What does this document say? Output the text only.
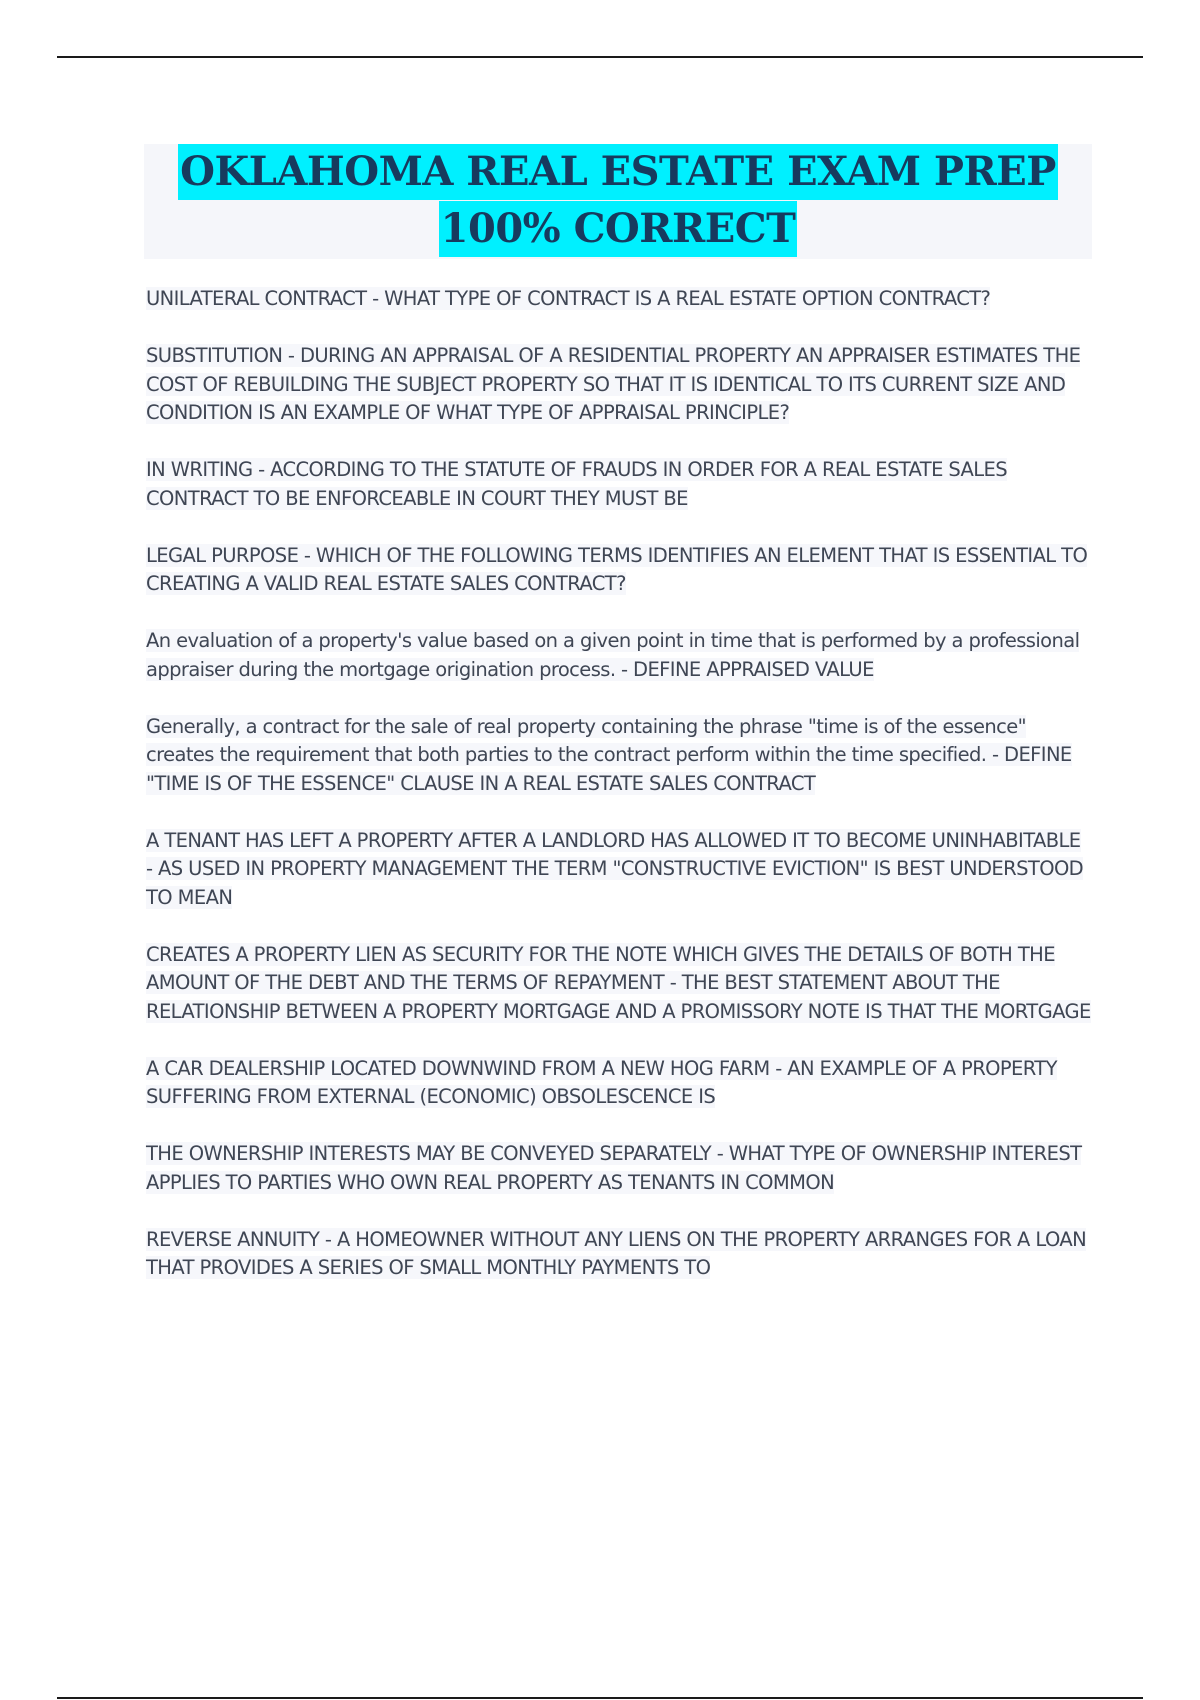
OKLAHOMA REAL ESTATE EXAM PREP
100% CORRECT

UNILATERAL CONTRACT - WHAT TYPE OF CONTRACT IS A REAL ESTATE OPTION CONTRACT?

SUBSTITUTION - DURING AN APPRAISAL OF A RESIDENTIAL PROPERTY AN APPRAISER ESTIMATES THE COST OF REBUILDING THE SUBJECT PROPERTY SO THAT IT IS IDENTICAL TO ITS CURRENT SIZE AND CONDITION IS AN EXAMPLE OF WHAT TYPE OF APPRAISAL PRINCIPLE?

IN WRITING - ACCORDING TO THE STATUTE OF FRAUDS IN ORDER FOR A REAL ESTATE SALES CONTRACT TO BE ENFORCEABLE IN COURT THEY MUST BE

LEGAL PURPOSE - WHICH OF THE FOLLOWING TERMS IDENTIFIES AN ELEMENT THAT IS ESSENTIAL TO CREATING A VALID REAL ESTATE SALES CONTRACT?

An evaluation of a property's value based on a given point in time that is performed by a professional appraiser during the mortgage origination process. - DEFINE APPRAISED VALUE

Generally, a contract for the sale of real property containing the phrase "time is of the essence" creates the requirement that both parties to the contract perform within the time specified. - DEFINE "TIME IS OF THE ESSENCE" CLAUSE IN A REAL ESTATE SALES CONTRACT

A TENANT HAS LEFT A PROPERTY AFTER A LANDLORD HAS ALLOWED IT TO BECOME UNINHABITABLE - AS USED IN PROPERTY MANAGEMENT THE TERM "CONSTRUCTIVE EVICTION" IS BEST UNDERSTOOD TO MEAN

CREATES A PROPERTY LIEN AS SECURITY FOR THE NOTE WHICH GIVES THE DETAILS OF BOTH THE AMOUNT OF THE DEBT AND THE TERMS OF REPAYMENT - THE BEST STATEMENT ABOUT THE RELATIONSHIP BETWEEN A PROPERTY MORTGAGE AND A PROMISSORY NOTE IS THAT THE MORTGAGE

A CAR DEALERSHIP LOCATED DOWNWIND FROM A NEW HOG FARM - AN EXAMPLE OF A PROPERTY SUFFERING FROM EXTERNAL (ECONOMIC) OBSOLESCENCE IS

THE OWNERSHIP INTERESTS MAY BE CONVEYED SEPARATELY - WHAT TYPE OF OWNERSHIP INTEREST APPLIES TO PARTIES WHO OWN REAL PROPERTY AS TENANTS IN COMMON

REVERSE ANNUITY - A HOMEOWNER WITHOUT ANY LIENS ON THE PROPERTY ARRANGES FOR A LOAN THAT PROVIDES A SERIES OF SMALL MONTHLY PAYMENTS TO
